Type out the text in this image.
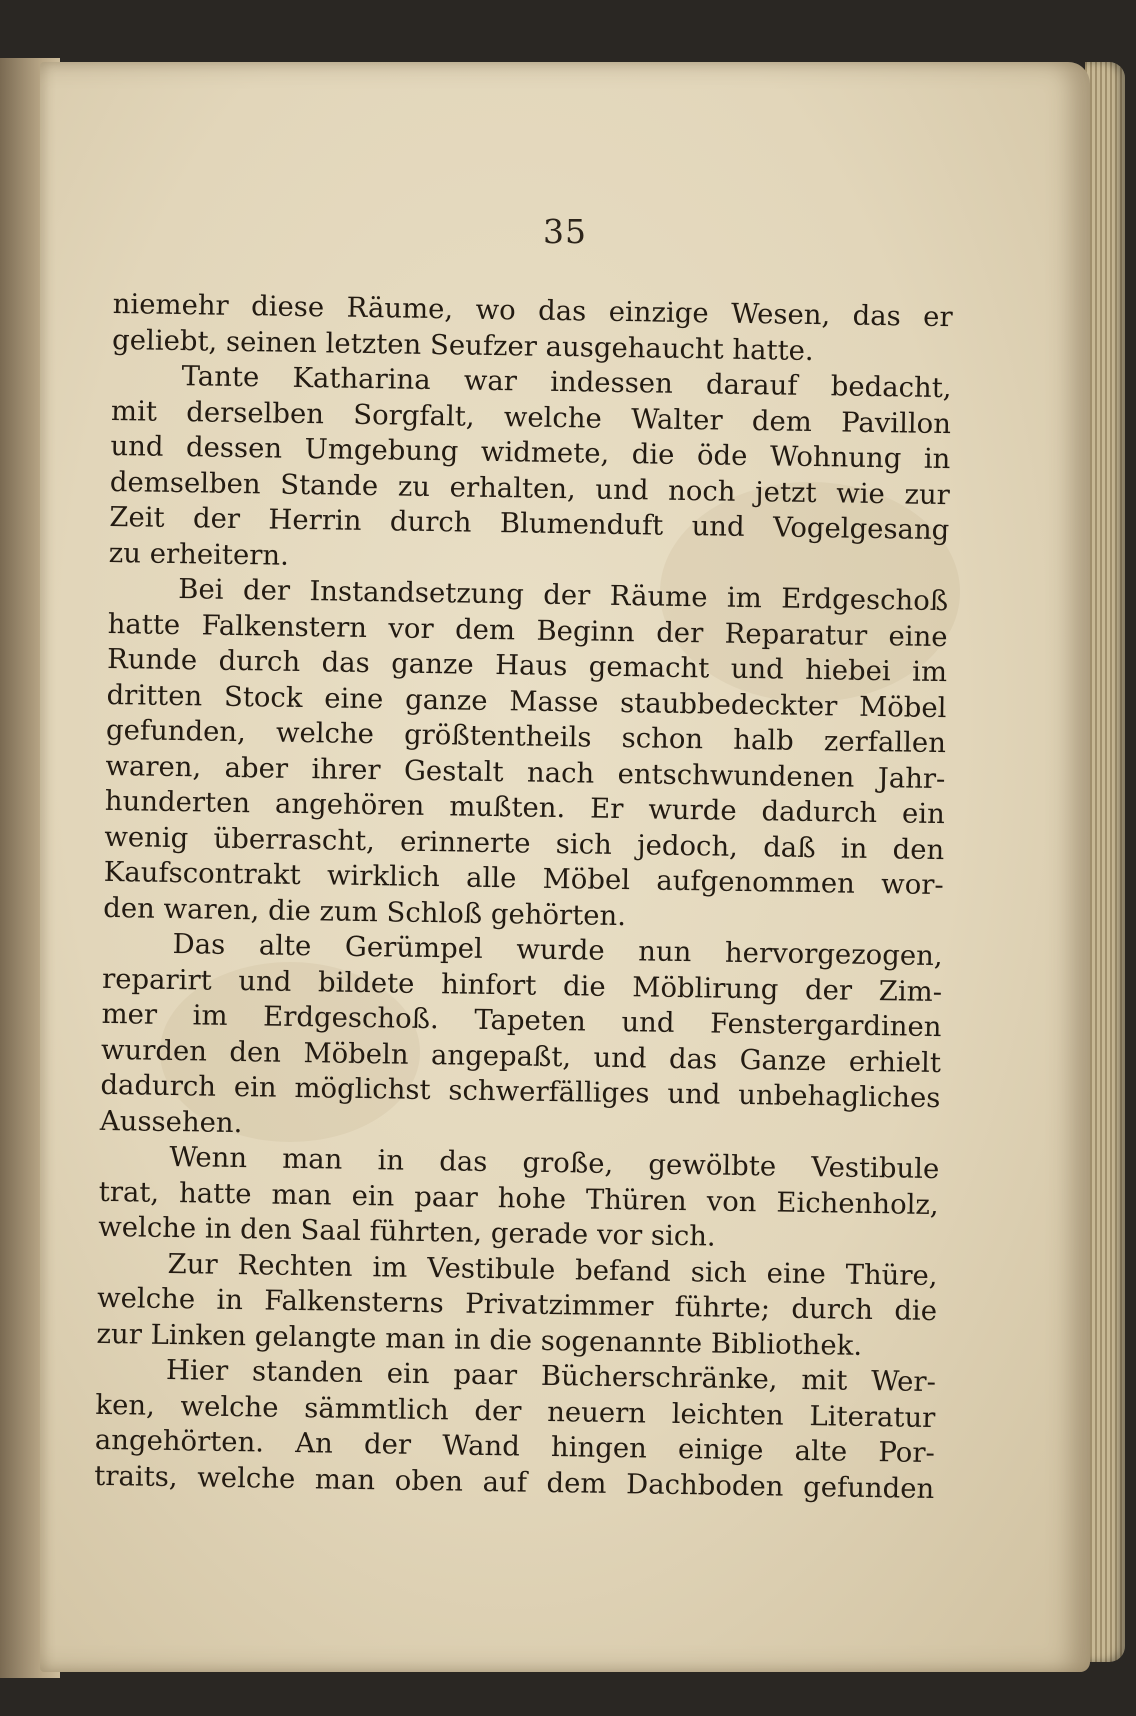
35
niemehr diese Räume, wo das einzige Wesen, das er
geliebt, seinen letzten Seufzer ausgehaucht hatte.
Tante Katharina war indessen darauf bedacht,
mit derselben Sorgfalt, welche Walter dem Pavillon
und dessen Umgebung widmete, die öde Wohnung in
demselben Stande zu erhalten, und noch jetzt wie zur
Zeit der Herrin durch Blumenduft und Vogelgesang
zu erheitern.
Bei der Instandsetzung der Räume im Erdgeschoß
hatte Falkenstern vor dem Beginn der Reparatur eine
Runde durch das ganze Haus gemacht und hiebei im
dritten Stock eine ganze Masse staubbedeckter Möbel
gefunden, welche größtentheils schon halb zerfallen
waren, aber ihrer Gestalt nach entschwundenen Jahr-
hunderten angehören mußten. Er wurde dadurch ein
wenig überrascht, erinnerte sich jedoch, daß in den
Kaufscontrakt wirklich alle Möbel aufgenommen wor-
den waren, die zum Schloß gehörten.
Das alte Gerümpel wurde nun hervorgezogen,
reparirt und bildete hinfort die Möblirung der Zim-
mer im Erdgeschoß. Tapeten und Fenstergardinen
wurden den Möbeln angepaßt, und das Ganze erhielt
dadurch ein möglichst schwerfälliges und unbehagliches
Aussehen.
Wenn man in das große, gewölbte Vestibule
trat, hatte man ein paar hohe Thüren von Eichenholz,
welche in den Saal führten, gerade vor sich.
Zur Rechten im Vestibule befand sich eine Thüre,
welche in Falkensterns Privatzimmer führte; durch die
zur Linken gelangte man in die sogenannte Bibliothek.
Hier standen ein paar Bücherschränke, mit Wer-
ken, welche sämmtlich der neuern leichten Literatur
angehörten. An der Wand hingen einige alte Por-
traits, welche man oben auf dem Dachboden gefunden
